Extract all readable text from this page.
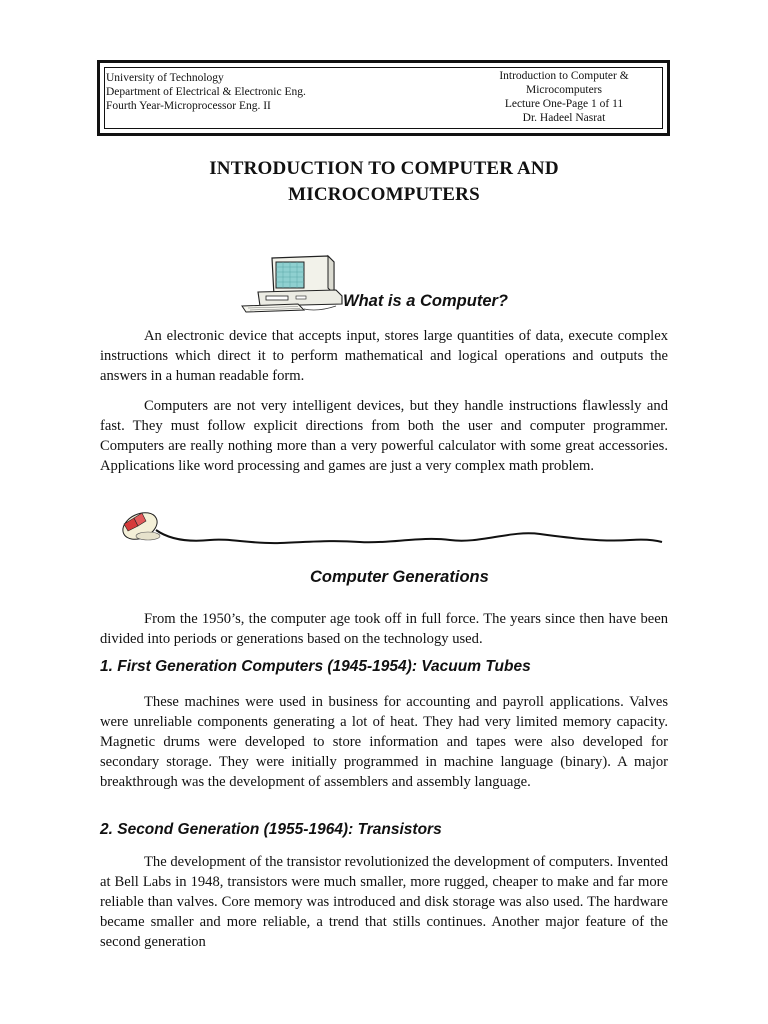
University of Technology
Department of Electrical & Electronic Eng.
Fourth Year-Microprocessor Eng. II
Introduction to Computer &
Microcomputers
Lecture One-Page 1 of 11
Dr. Hadeel Nasrat
INTRODUCTION TO COMPUTER AND
MICROCOMPUTERS
What is a Computer?

An electronic device that accepts input, stores large quantities of data, execute complex instructions which direct it to perform mathematical and logical operations and outputs the answers in a human readable form.

Computers are not very intelligent devices, but they handle instructions flawlessly and fast. They must follow explicit directions from both the user and computer programmer. Computers are really nothing more than a very powerful calculator with some great accessories. Applications like word processing and games are just a very complex math problem.

Computer Generations

From the 1950’s, the computer age took off in full force. The years since then have been divided into periods or generations based on the technology used.

1. First Generation Computers (1945-1954): Vacuum Tubes

These machines were used in business for accounting and payroll applications. Valves were unreliable components generating a lot of heat. They had very limited memory capacity. Magnetic drums were developed to store information and tapes were also developed for secondary storage. They were initially programmed in machine language (binary). A major breakthrough was the development of assemblers and assembly language.

2. Second Generation (1955-1964): Transistors

The development of the transistor revolutionized the development of computers. Invented at Bell Labs in 1948, transistors were much smaller, more rugged, cheaper to make and far more reliable than valves. Core memory was introduced and disk storage was also used. The hardware became smaller and more reliable, a trend that stills continues. Another major feature of the second generation
